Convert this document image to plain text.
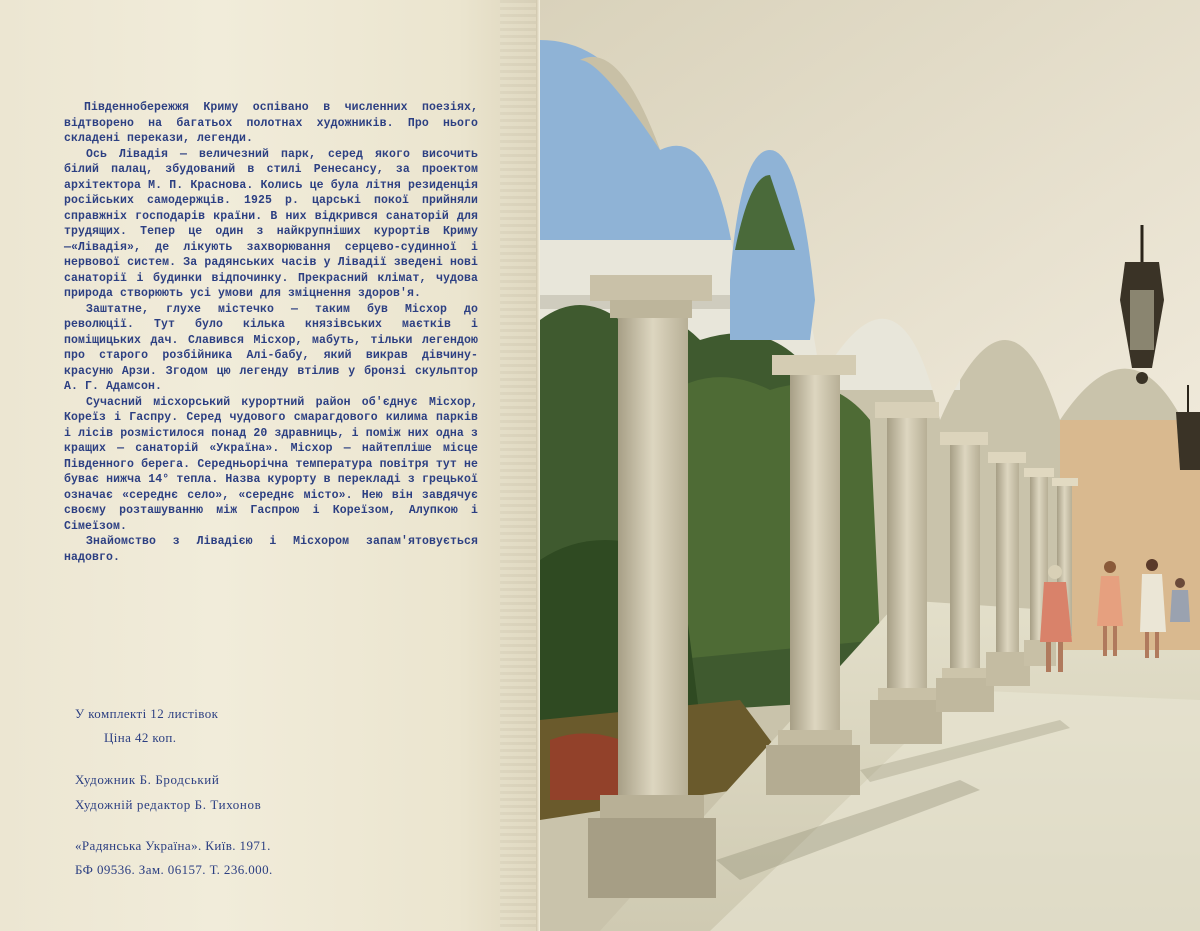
Південнобережжя Криму оспівано в численних поезіях, відтворено на багатьох полотнах художників. Про нього складені перекази, легенди.

Ось Лівадія — величезний парк, серед якого височить білий палац, збудований в стилі Ренесансу, за проектом архітектора М. П. Краснова. Колись це була літня резиденція російських самодержців. 1925 р. царські покої прийняли справжніх господарів країни. В них відкрився санаторій для трудящих. Тепер це один з найкрупніших курортів Криму—«Лівадія», де лікують захворювання серцево-судинної і нервової систем. За радянських часів у Лівадії зведені нові санаторії і будинки відпочинку. Прекрасний клімат, чудова природа створюють усі умови для зміцнення здоров'я.

Заштатне, глухе містечко — таким був Місхор до революції. Тут було кілька князівських маєтків і поміщицьких дач. Славився Місхор, мабуть, тільки легендою про старого розбійника Алі-бабу, який викрав дівчину-красуню Арзи. Згодом цю легенду втілив у бронзі скульптор А. Г. Адамсон.

Сучасний місхорський курортний район об'єднує Місхор, Кореїз і Гаспру. Серед чудового смарагдового килима парків і лісів розмістилося понад 20 здравниць, і поміж них одна з кращих — санаторій «Україна». Місхор — найтепліше місце Південного берега. Середньорічна температура повітря тут не буває нижча 14° тепла. Назва курорту в перекладі з грецької означає «середнє село», «середнє місто». Нею він завдячує своєму розташуванню між Гаспрою і Кореїзом, Алупкою і Сімеїзом.

Знайомство з Лівадією і Місхором запам'ятовується надовго.

У комплекті 12 листівок
Ціна 42 коп.
Художник Б. Бродський
Художній редактор Б. Тихонов
«Радянська Україна». Київ. 1971.
БФ 09536. Зам. 06157. Т. 236.000.
